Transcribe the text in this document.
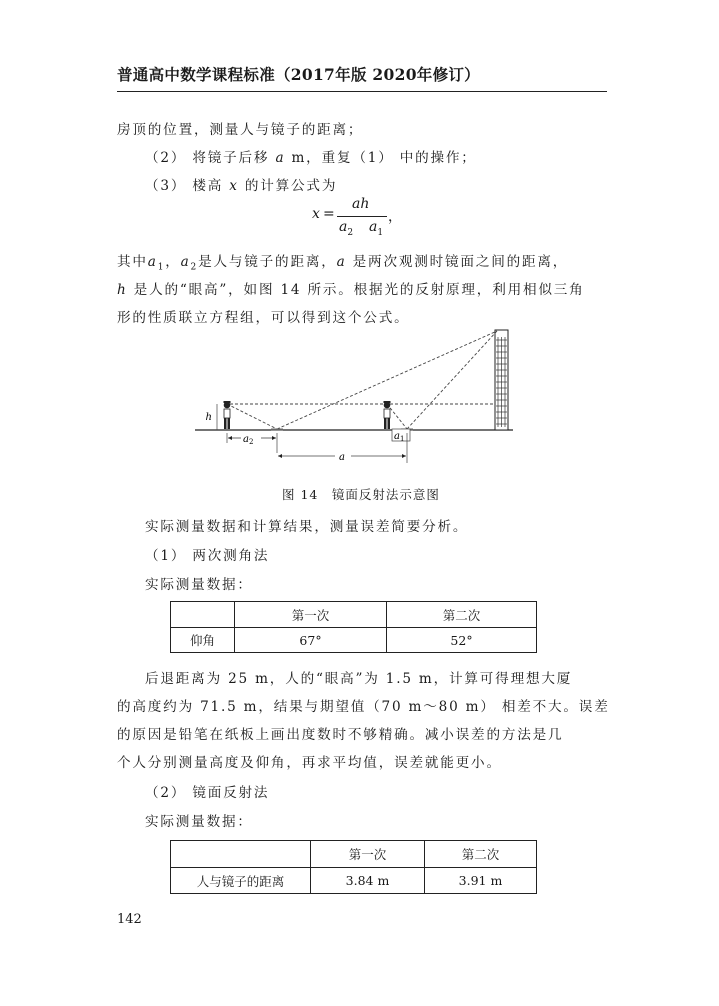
普通高中数学课程标准（2017年版 2020年修订）
房顶的位置，测量人与镜子的距离；
（2） 将镜子后移 a m，重复（1） 中的操作；
（3） 楼高 x 的计算公式为
x =
ah
$a_2$
  $a_1$
，
其中$a_1$，$a_2$是人与镜子的距离，a 是两次观测时镜面之间的距离，
h 是人的“眼高”，如图 14 所示。根据光的反射原理，利用相似三角
形的性质联立方程组，可以得到这个公式。
h
$a_2$	$a_1$
a
图 14　镜面反射法示意图
实际测量数据和计算结果，测量误差简要分析。
（1） 两次测角法
实际测量数据：
	第一次	第二次
仰角	67°	52°
后退距离为 25 m，人的“眼高”为 1.5 m，计算可得理想大厦
的高度约为 71.5 m，结果与期望值（70 m～80 m） 相差不大。误差
的原因是铅笔在纸板上画出度数时不够精确。减小误差的方法是几
个人分别测量高度及仰角，再求平均值，误差就能更小。
（2） 镜面反射法
实际测量数据：
	第一次	第二次
人与镜子的距离	3.84 m	3.91 m
142
